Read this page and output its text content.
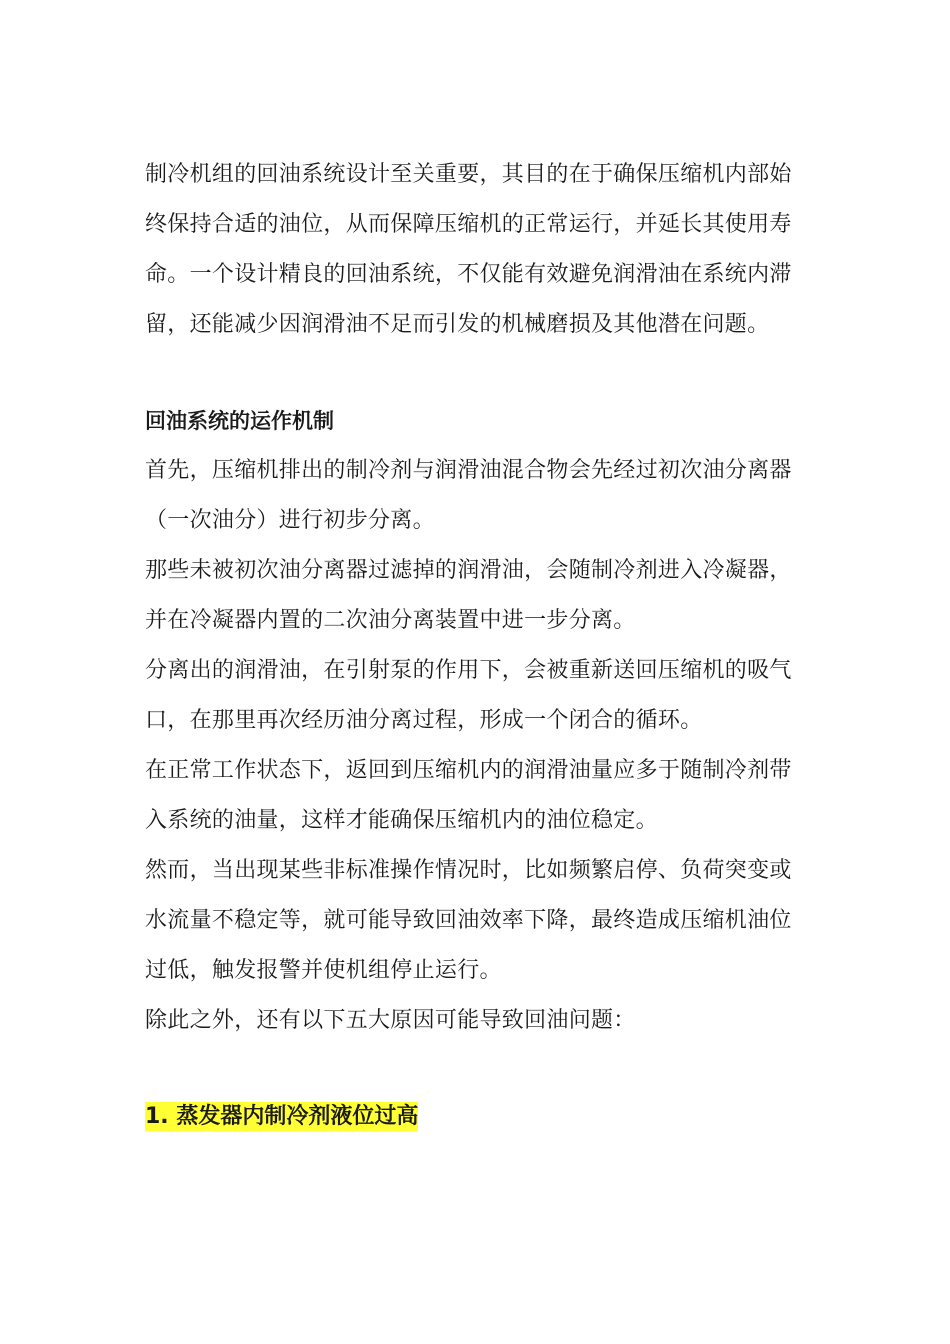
制冷机组的回油系统设计至关重要，其目的在于确保压缩机内部始终保持合适的油位，从而保障压缩机的正常运行，并延长其使用寿命。一个设计精良的回油系统，不仅能有效避免润滑油在系统内滞留，还能减少因润滑油不足而引发的机械磨损及其他潜在问题。

回油系统的运作机制

首先，压缩机排出的制冷剂与润滑油混合物会先经过初次油分离器（一次油分）进行初步分离。

那些未被初次油分离器过滤掉的润滑油，会随制冷剂进入冷凝器，并在冷凝器内置的二次油分离装置中进一步分离。

分离出的润滑油，在引射泵的作用下，会被重新送回压缩机的吸气口，在那里再次经历油分离过程，形成一个闭合的循环。

在正常工作状态下，返回到压缩机内的润滑油量应多于随制冷剂带入系统的油量，这样才能确保压缩机内的油位稳定。

然而，当出现某些非标准操作情况时，比如频繁启停、负荷突变或水流量不稳定等，就可能导致回油效率下降，最终造成压缩机油位过低，触发报警并使机组停止运行。

除此之外，还有以下五大原因可能导致回油问题：

1. 蒸发器内制冷剂液位过高
